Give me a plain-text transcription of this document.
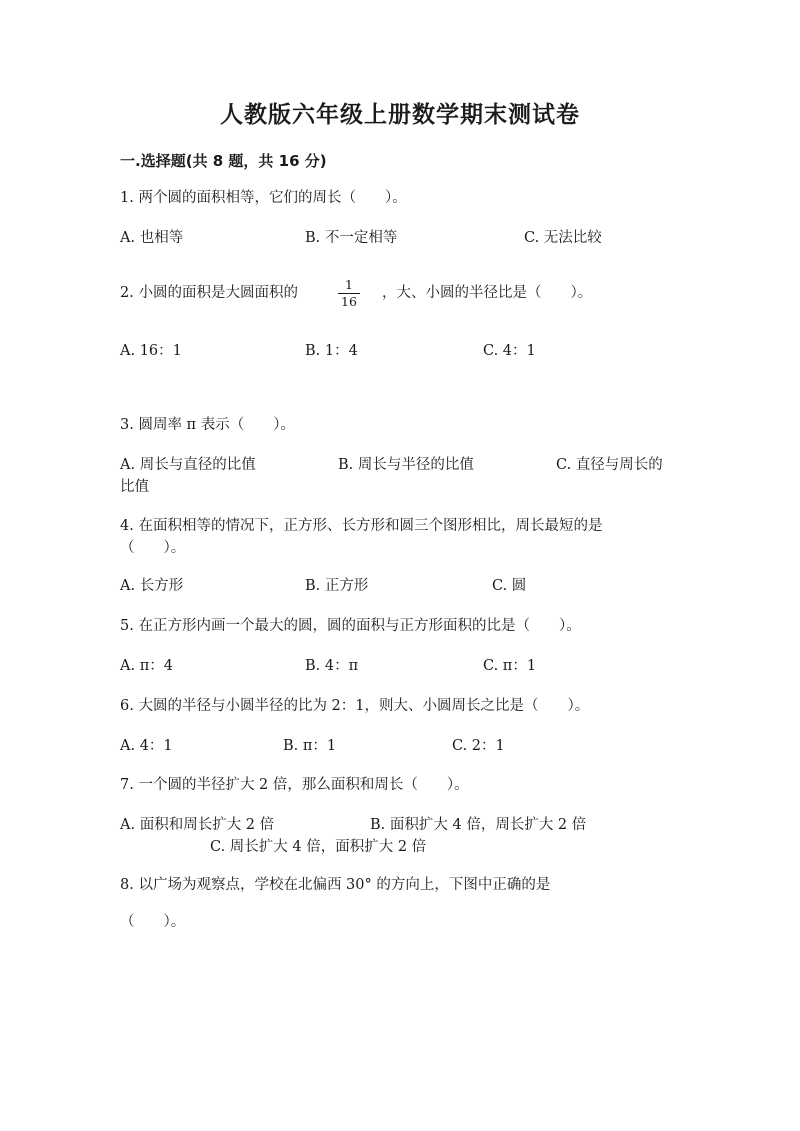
人教版六年级上册数学期末测试卷
一.选择题(共 8 题，共 16 分)
1. 两个圆的面积相等，它们的周长（　　）。
A. 也相等	B. 不一定相等	C. 无法比较
2. 小圆的面积是大圆面积的
1
16
，大、小圆的半径比是（　　）。
A. 16：1	B. 1：4	C. 4：1
3. 圆周率 π 表示（　　）。
A. 周长与直径的比值	B. 周长与半径的比值	C. 直径与周长的
比值
4. 在面积相等的情况下，正方形、长方形和圆三个图形相比，周长最短的是
（　　）。
A. 长方形	B. 正方形	C. 圆
5. 在正方形内画一个最大的圆，圆的面积与正方形面积的比是（　　）。
A. π：4	B. 4：π	C. π：1
6. 大圆的半径与小圆半径的比为 2：1，则大、小圆周长之比是（　　）。
A. 4：1	B. π：1	C. 2：1
7. 一个圆的半径扩大 2 倍，那么面积和周长（　　）。
A. 面积和周长扩大 2 倍	B. 面积扩大 4 倍，周长扩大 2 倍
C. 周长扩大 4 倍，面积扩大 2 倍
8. 以广场为观察点，学校在北偏西 30° 的方向上，下图中正确的是
（　　）。
